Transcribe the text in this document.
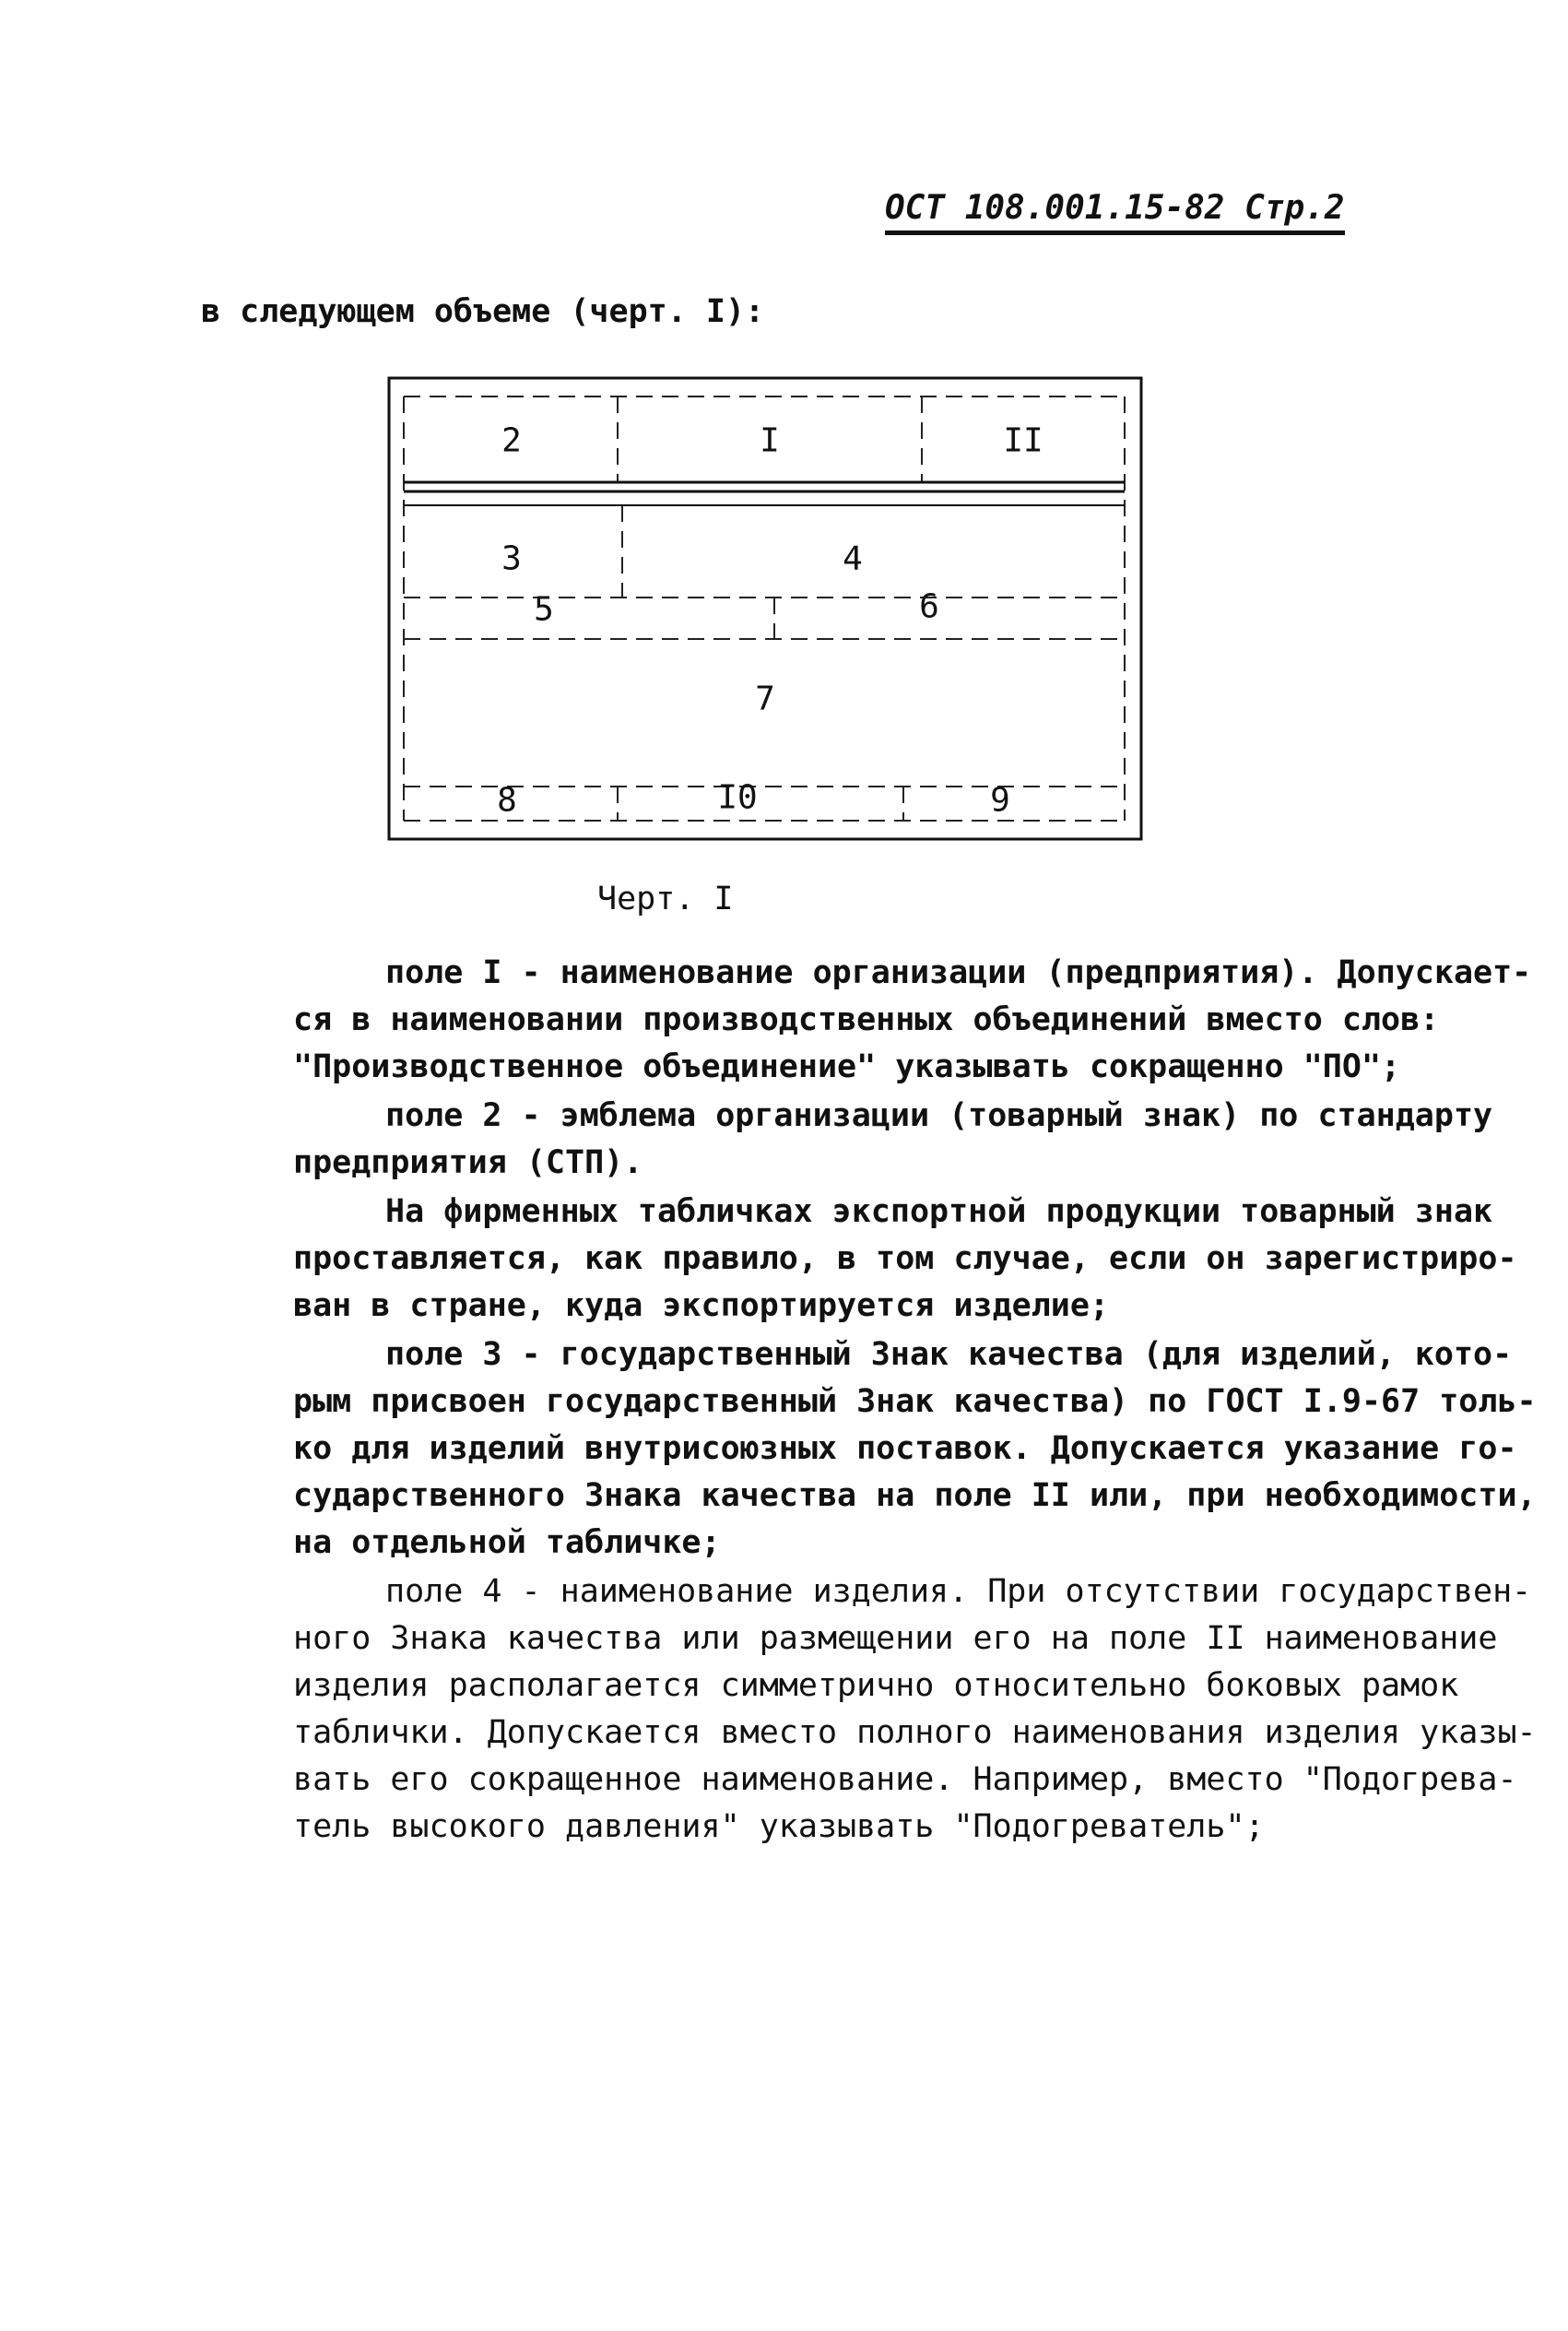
ОСТ 108.001.15-82 Стр.2
в следующем объеме (черт. I):
2	I	II
3	4
5	6
7
8	I0	9
Черт. I

поле I - наименование организации (предприятия). Допускает-
ся в наименовании производственных объединений вместо слов:
"Производственное объединение" указывать сокращенно "ПО";

поле 2 - эмблема организации (товарный знак) по стандарту
предприятия (СТП).

На фирменных табличках экспортной продукции товарный знак
проставляется, как правило, в том случае, если он зарегистриро-
ван в стране, куда экспортируется изделие;

поле 3 - государственный Знак качества (для изделий, кото-
рым присвоен государственный Знак качества) по ГОСТ I.9-67 толь-
ко для изделий внутрисоюзных поставок. Допускается указание го-
сударственного Знака качества на поле II или, при необходимости,
на отдельной табличке;

поле 4 - наименование изделия. При отсутствии государствен-
ного Знака качества или размещении его на поле II наименование
изделия располагается симметрично относительно боковых рамок
таблички. Допускается вместо полного наименования изделия указы-
вать его сокращенное наименование. Например, вместо "Подогрева-
тель высокого давления" указывать "Подогреватель";
